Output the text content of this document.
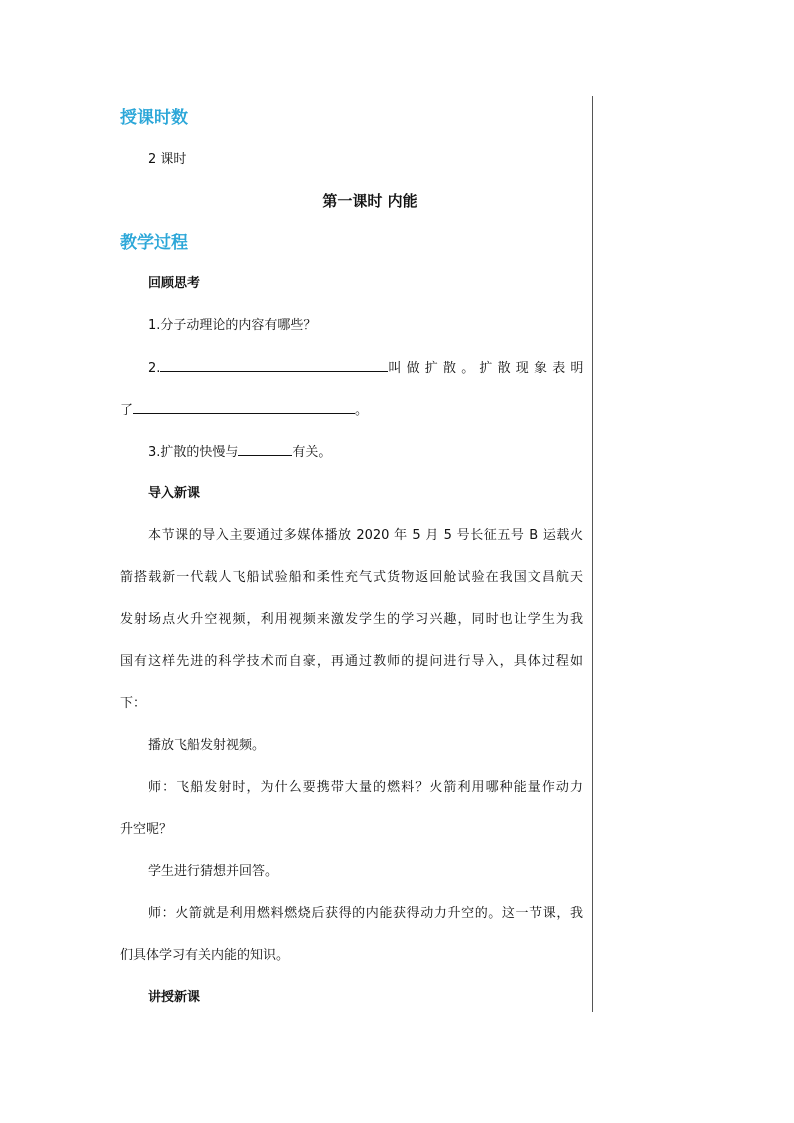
授课时数
2 课时
第一课时 内能
教学过程
回顾思考
1.分子动理论的内容有哪些？
2.	叫做扩散。扩散现象表明
了	。
3.扩散的快慢与	有关。
导入新课
本节课的导入主要通过多媒体播放 2020 年 5 月 5 号长征五号 B 运载火
箭搭载新一代载人飞船试验船和柔性充气式货物返回舱试验在我国文昌航天
发射场点火升空视频，利用视频来激发学生的学习兴趣，同时也让学生为我
国有这样先进的科学技术而自豪，再通过教师的提问进行导入，具体过程如
下：
播放飞船发射视频。
师：飞船发射时，为什么要携带大量的燃料？火箭利用哪种能量作动力
升空呢？
学生进行猜想并回答。
师：火箭就是利用燃料燃烧后获得的内能获得动力升空的。这一节课，我
们具体学习有关内能的知识。
讲授新课
